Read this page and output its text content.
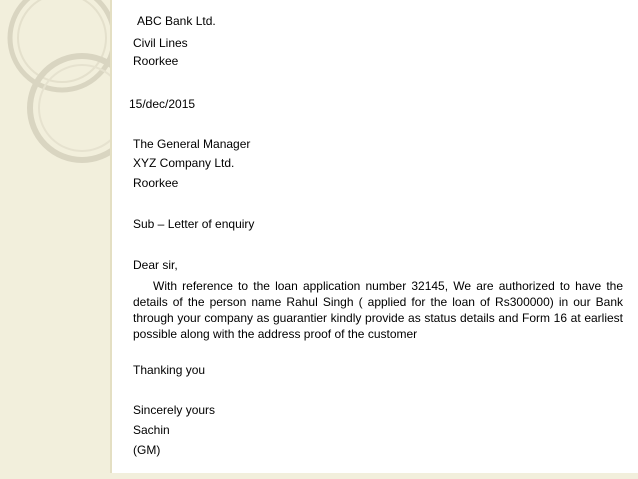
ABC Bank Ltd.
Civil Lines
Roorkee
15/dec/2015
The General Manager
XYZ Company Ltd.
Roorkee
Sub – Letter of enquiry
Dear sir,
With reference to the loan application number 32145, We are authorized to have the details of the person name Rahul Singh ( applied for the loan of Rs300000) in our Bank through your company as guarantier kindly provide as status details and Form 16 at earliest possible along with the address proof of the customer
Thanking you
Sincerely yours
Sachin
(GM)
